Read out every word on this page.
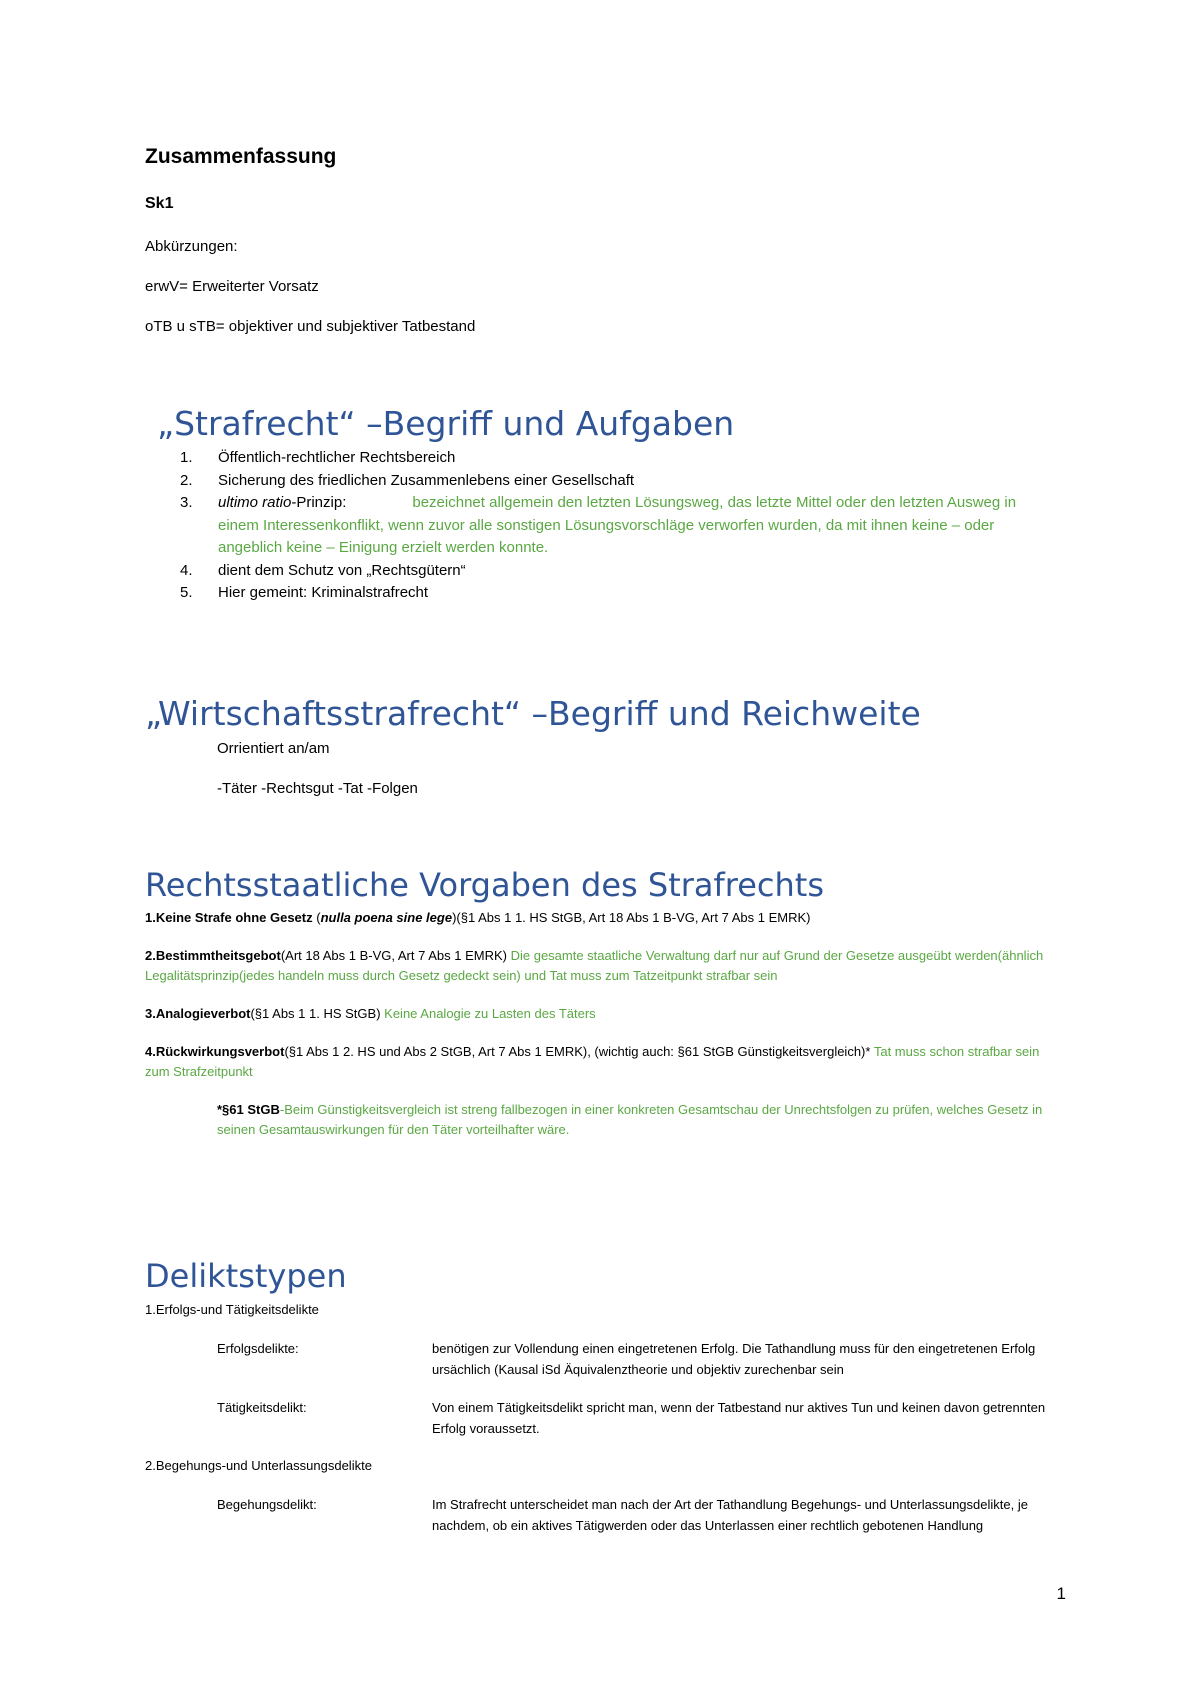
Zusammenfassung
Sk1
Abkürzungen:
erwV= Erweiterter Vorsatz
oTB u sTB= objektiver und subjektiver Tatbestand
„Strafrecht“ –Begriff und Aufgaben
1.	Öffentlich-rechtlicher Rechtsbereich
2.	Sicherung des friedlichen Zusammenlebens einer Gesellschaft
3.	ultimo ratio-Prinzip:	bezeichnet allgemein den letzten Lösungsweg, das letzte Mittel oder den letzten Ausweg in einem Interessenkonflikt, wenn zuvor alle sonstigen Lösungsvorschläge verworfen wurden, da mit ihnen keine – oder angeblich keine – Einigung erzielt werden konnte.
4.	dient dem Schutz von „Rechtsgütern“
5.	Hier gemeint: Kriminalstrafrecht
„Wirtschaftsstrafrecht“ –Begriff und Reichweite
Orrientiert an/am
-Täter -Rechtsgut -Tat -Folgen
Rechtsstaatliche Vorgaben des Strafrechts
1.Keine Strafe ohne Gesetz (nulla poena sine lege)(§1 Abs 1 1. HS StGB, Art 18 Abs 1 B-VG, Art 7 Abs 1 EMRK)
2.Bestimmtheitsgebot(Art 18 Abs 1 B-VG, Art 7 Abs 1 EMRK) Die gesamte staatliche Verwaltung darf nur auf Grund der Gesetze ausgeübt werden(ähnlich Legalitätsprinzip(jedes handeln muss durch Gesetz gedeckt sein) und Tat muss zum Tatzeitpunkt strafbar sein
3.Analogieverbot(§1 Abs 1 1. HS StGB) Keine Analogie zu Lasten des Täters
4.Rückwirkungsverbot(§1 Abs 1 2. HS und Abs 2 StGB, Art 7 Abs 1 EMRK), (wichtig auch: §61 StGB Günstigkeitsvergleich)* Tat muss schon strafbar sein zum Strafzeitpunkt
*§61 StGB-Beim Günstigkeitsvergleich ist streng fallbezogen in einer konkreten Gesamtschau der Unrechtsfolgen zu prüfen, welches Gesetz in seinen Gesamtauswirkungen für den Täter vorteilhafter wäre.
Deliktstypen
1.Erfolgs-und Tätigkeitsdelikte
Erfolgsdelikte:	benötigen zur Vollendung einen eingetretenen Erfolg. Die Tathandlung muss für den eingetretenen Erfolg ursächlich (Kausal iSd Äquivalenztheorie und objektiv zurechenbar sein
Tätigkeitsdelikt:	Von einem Tätigkeitsdelikt spricht man, wenn der Tatbestand nur aktives Tun und keinen davon getrennten Erfolg voraussetzt.
2.Begehungs-und Unterlassungsdelikte
Begehungsdelikt:	Im Strafrecht unterscheidet man nach der Art der Tathandlung Begehungs- und Unterlassungsdelikte, je nachdem, ob ein aktives Tätigwerden oder das Unterlassen einer rechtlich gebotenen Handlung
1
